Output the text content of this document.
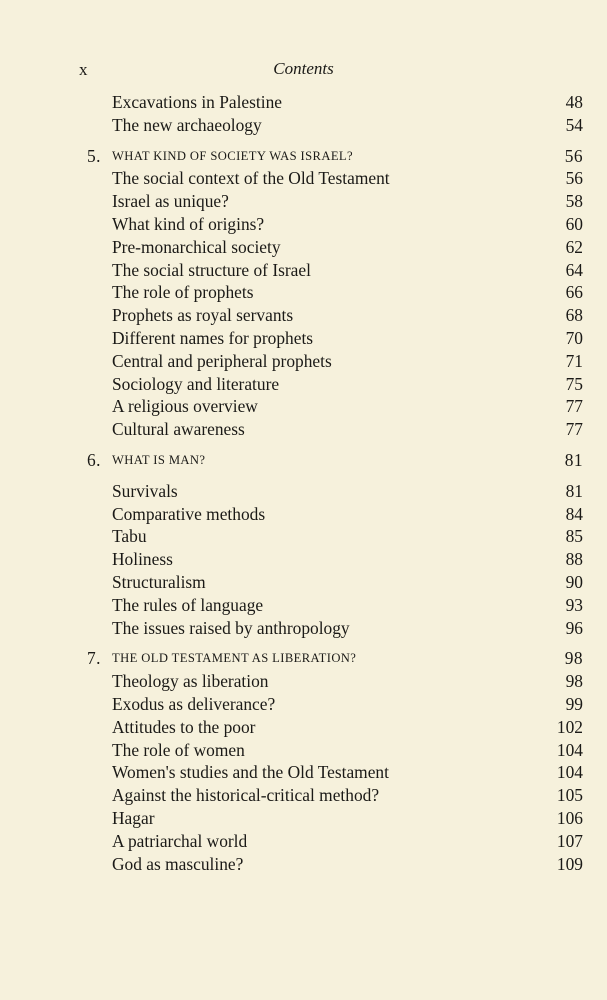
x	Contents
Excavations in Palestine	48
The new archaeology	54
5. WHAT KIND OF SOCIETY WAS ISRAEL?	56
The social context of the Old Testament	56
Israel as unique?	58
What kind of origins?	60
Pre-monarchical society	62
The social structure of Israel	64
The role of prophets	66
Prophets as royal servants	68
Different names for prophets	70
Central and peripheral prophets	71
Sociology and literature	75
A religious overview	77
Cultural awareness	77
6. WHAT IS MAN?	81
Survivals	81
Comparative methods	84
Tabu	85
Holiness	88
Structuralism	90
The rules of language	93
The issues raised by anthropology	96
7. THE OLD TESTAMENT AS LIBERATION?	98
Theology as liberation	98
Exodus as deliverance?	99
Attitudes to the poor	102
The role of women	104
Women's studies and the Old Testament	104
Against the historical-critical method?	105
Hagar	106
A patriarchal world	107
God as masculine?	109
